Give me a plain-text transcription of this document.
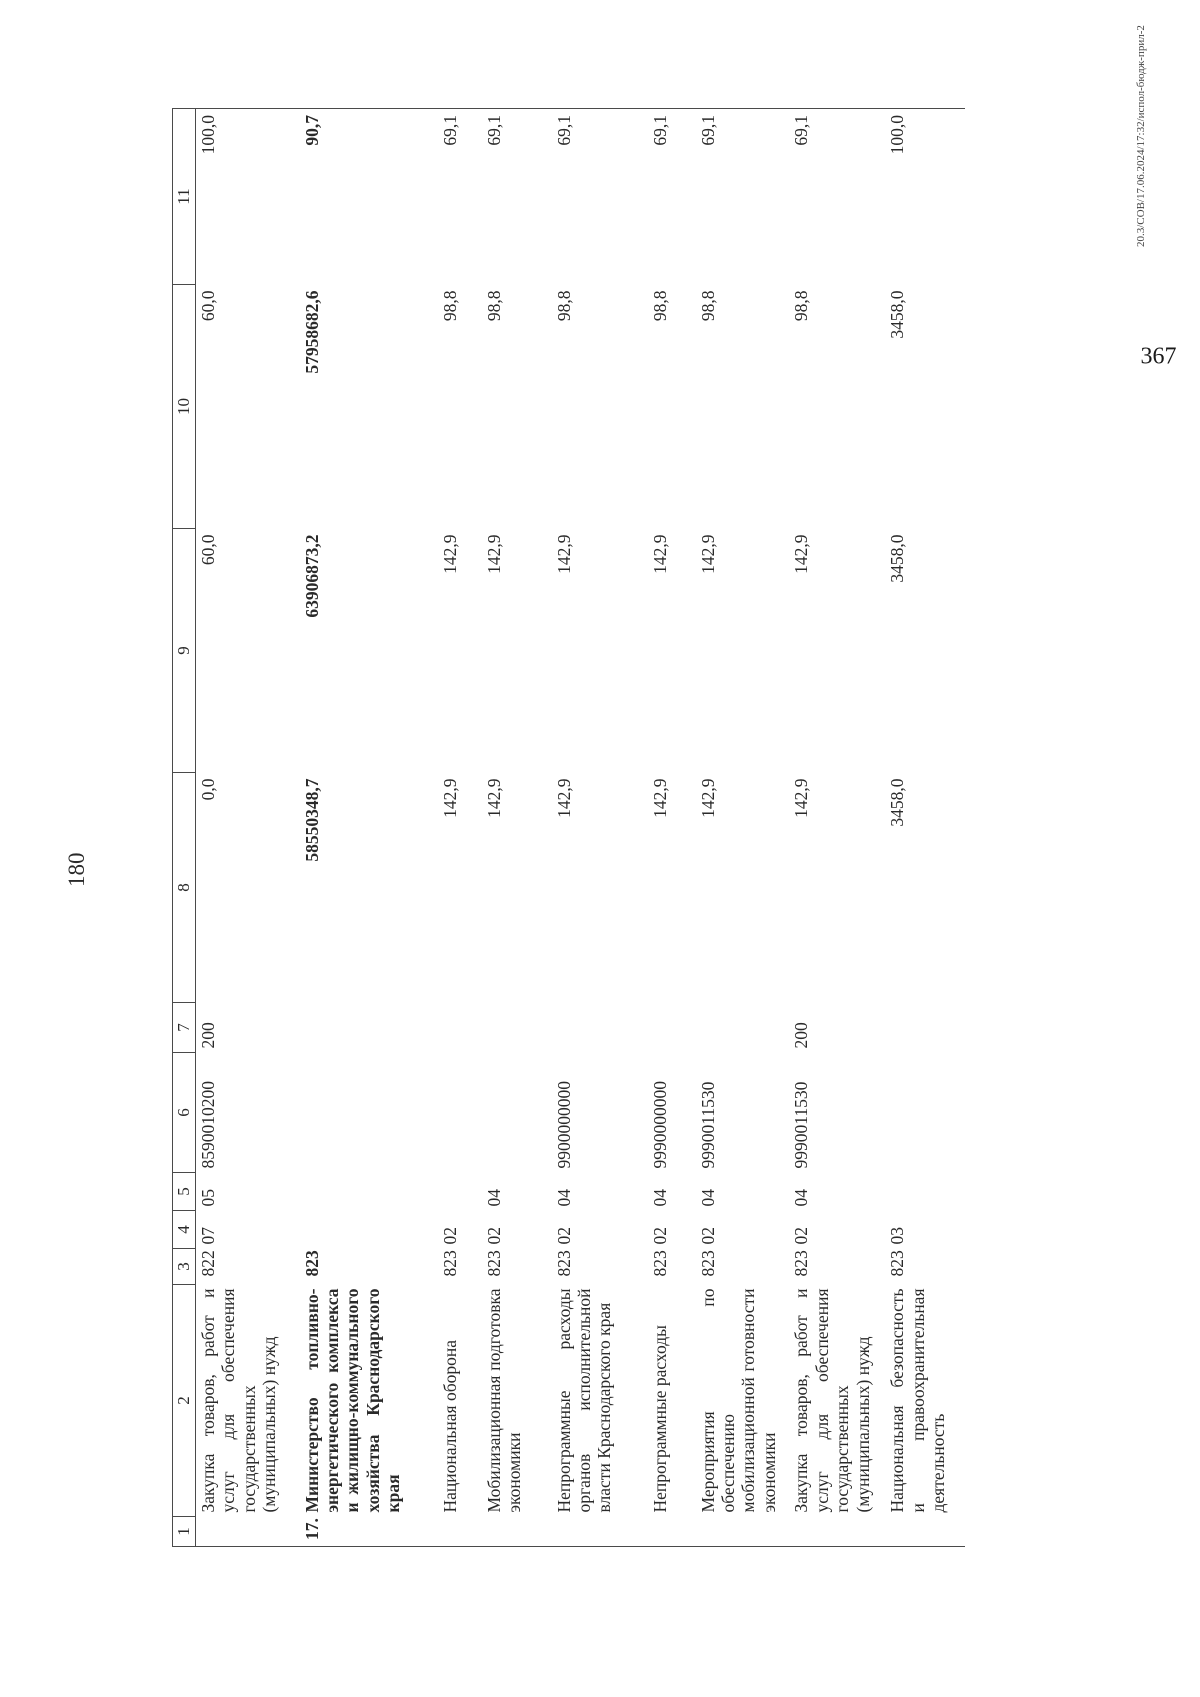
180
1	2	3	4	5	6	7	8	9	10	11
	Закупка товаров, работ и услуг для обеспечения государственных (муниципальных) нужд	822	07	05	8590010200	200	0,0	60,0	60,0	100,0
17.	Министерство топливно-энергетического комплекса и жилищно-коммунального хозяйства Краснодарского края	823					58550348,7	63906873,2	57958682,6	90,7
	Национальная оборона	823	02				142,9	142,9	98,8	69,1
	Мобилизационная подготовка экономики	823	02	04			142,9	142,9	98,8	69,1
	Непрограммные расходы органов исполнительной власти Краснодарского края	823	02	04	9900000000		142,9	142,9	98,8	69,1
	Непрограммные расходы	823	02	04	9990000000		142,9	142,9	98,8	69,1
	Мероприятия по обеспечению мобилизационной готовности экономики	823	02	04	9990011530		142,9	142,9	98,8	69,1
	Закупка товаров, работ и услуг для обеспечения государственных (муниципальных) нужд	823	02	04	9990011530	200	142,9	142,9	98,8	69,1
	Национальная безопасность и правоохранительная деятельность	823	03				3458,0	3458,0	3458,0	100,0	20.3/СОВ/17.06.2024/17:32/испол-бюдж-прил-2
367
